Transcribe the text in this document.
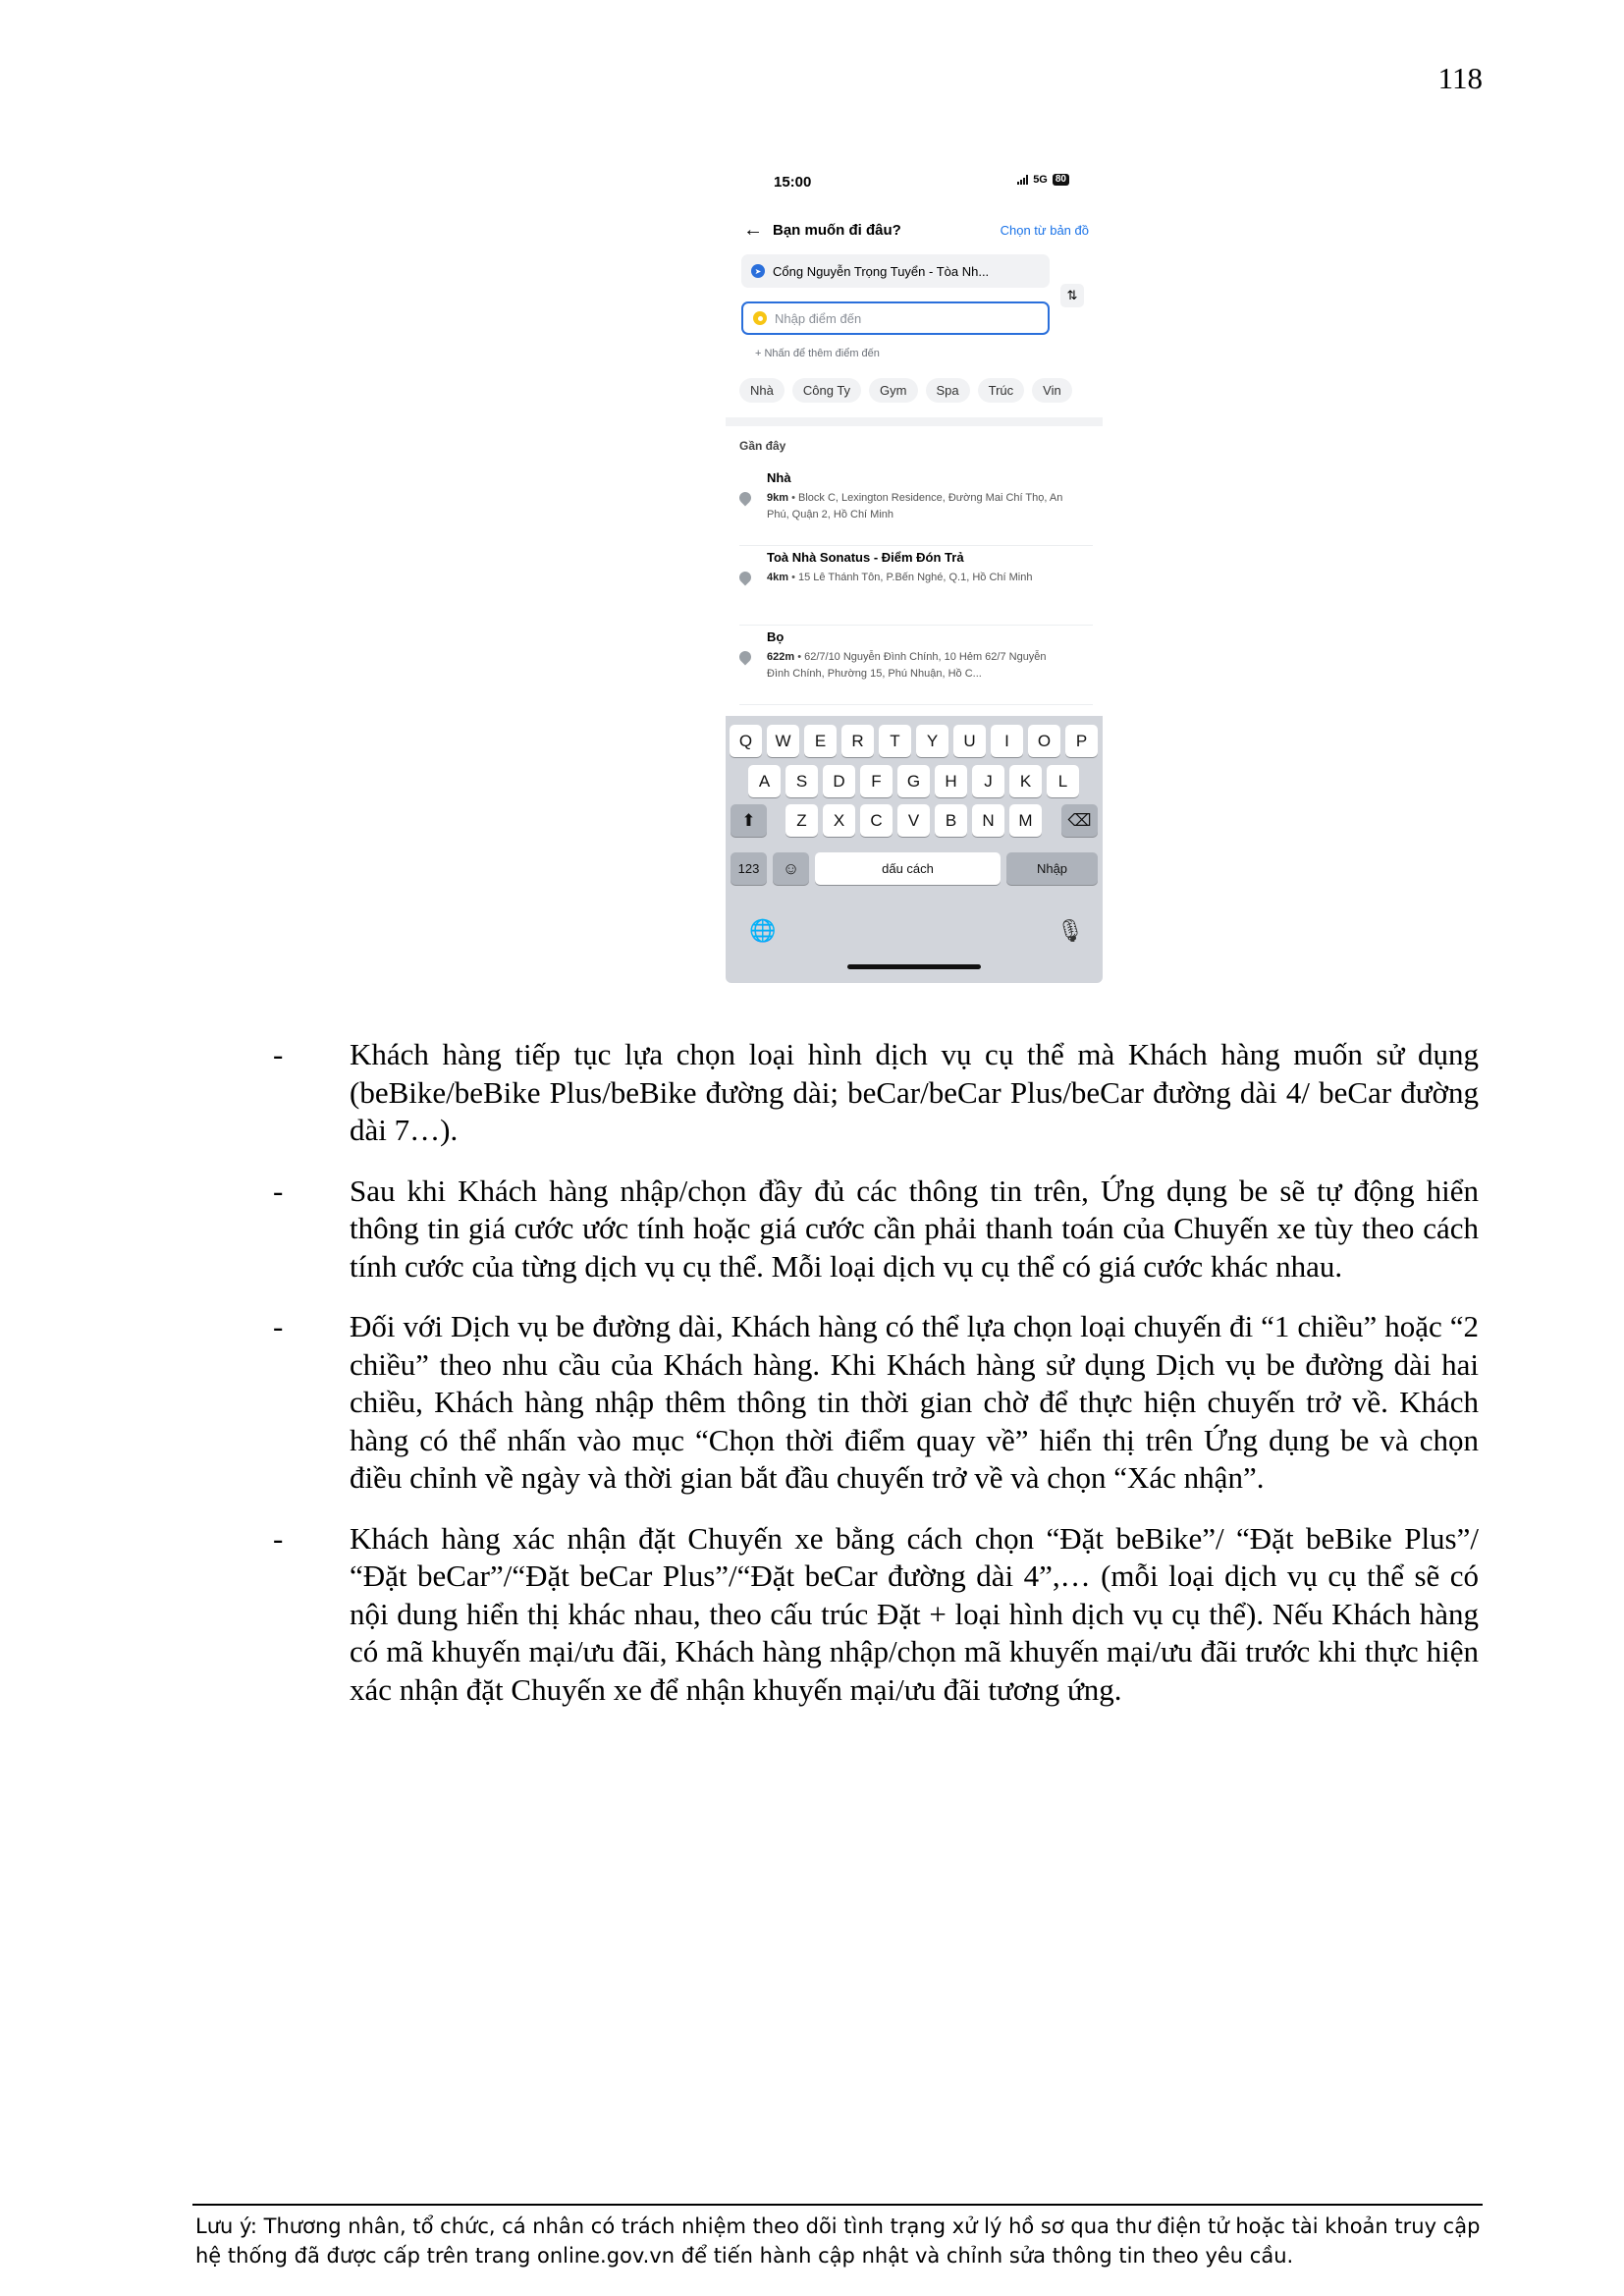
118
15:00	5G 80
← Bạn muốn đi đâu?	Chọn từ bản đồ
➤ Cổng Nguyễn Trọng Tuyển - Tòa Nh...
Nhập điểm đến
⇅
+ Nhấn để thêm điểm đến
Nhà	Công Ty	Gym	Spa	Trúc	Vin
Gần đây
Nhà
9km • Block C, Lexington Residence, Đường Mai Chí Thọ, An Phú, Quận 2, Hồ Chí Minh
Toà Nhà Sonatus - Điểm Đón Trả
4km • 15 Lê Thánh Tôn, P.Bến Nghé, Q.1, Hồ Chí Minh
Bọ
622m • 62/7/10 Nguyễn Đình Chính, 10 Hẻm 62/7 Nguyễn Đình Chính, Phường 15, Phú Nhuận, Hồ C...
⬆	⌫
123	☺	dấu cách	Nhập
🌐	🎙
Q	W	E	R	T	Y	U	I	O	P
A	S	D	F	G	H	J	K	L
Z	X	C	V	B	N	M
- Khách hàng tiếp tục lựa chọn loại hình dịch vụ cụ thể mà Khách hàng muốn sử dụng (beBike/beBike Plus/beBike đường dài; beCar/beCar Plus/beCar đường dài 4/ beCar đường dài 7…).
- Sau khi Khách hàng nhập/chọn đầy đủ các thông tin trên, Ứng dụng be sẽ tự động hiển thông tin giá cước ước tính hoặc giá cước cần phải thanh toán của Chuyến xe tùy theo cách tính cước của từng dịch vụ cụ thể. Mỗi loại dịch vụ cụ thể có giá cước khác nhau.
- Đối với Dịch vụ be đường dài, Khách hàng có thể lựa chọn loại chuyến đi “1 chiều” hoặc “2 chiều” theo nhu cầu của Khách hàng. Khi Khách hàng sử dụng Dịch vụ be đường dài hai chiều, Khách hàng nhập thêm thông tin thời gian chờ để thực hiện chuyến trở về. Khách hàng có thể nhấn vào mục “Chọn thời điểm quay về” hiển thị trên Ứng dụng be và chọn điều chỉnh về ngày và thời gian bắt đầu chuyến trở về và chọn “Xác nhận”.
- Khách hàng xác nhận đặt Chuyến xe bằng cách chọn “Đặt beBike”/ “Đặt beBike Plus”/ “Đặt beCar”/“Đặt beCar Plus”/“Đặt beCar đường dài 4”,… (mỗi loại dịch vụ cụ thể sẽ có nội dung hiển thị khác nhau, theo cấu trúc Đặt + loại hình dịch vụ cụ thể). Nếu Khách hàng có mã khuyến mại/ưu đãi, Khách hàng nhập/chọn mã khuyến mại/ưu đãi trước khi thực hiện xác nhận đặt Chuyến xe để nhận khuyến mại/ưu đãi tương ứng.
Lưu ý: Thương nhân, tổ chức, cá nhân có trách nhiệm theo dõi tình trạng xử lý hồ sơ qua thư điện tử hoặc tài khoản truy cập hệ thống đã được cấp trên trang online.gov.vn để tiến hành cập nhật và chỉnh sửa thông tin theo yêu cầu.
